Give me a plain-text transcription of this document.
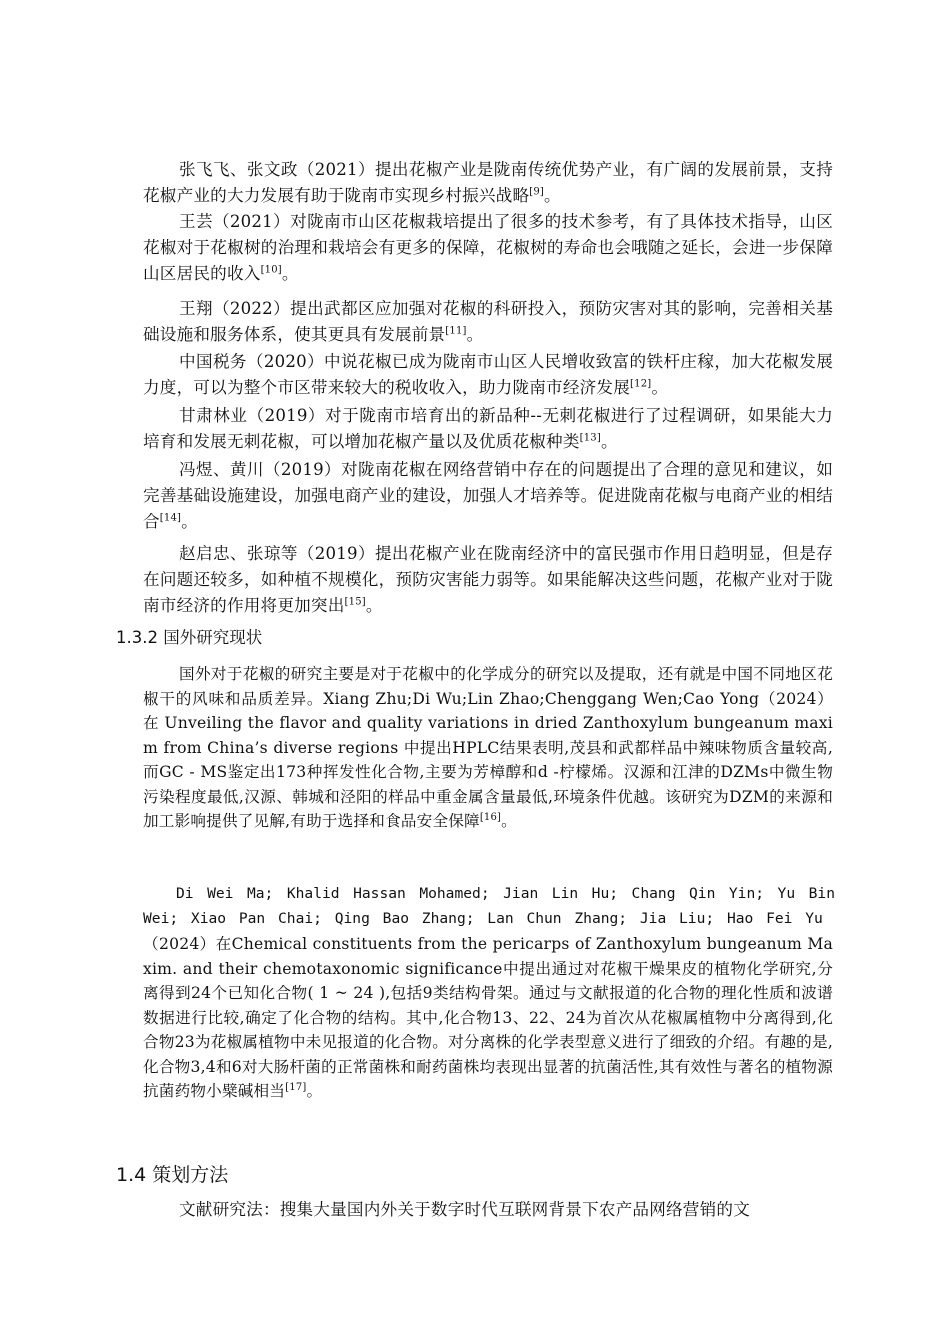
张飞飞、张文政（2021）提出花椒产业是陇南传统优势产业，有广阔的发展前景，支持花椒产业的大力发展有助于陇南市实现乡村振兴战略[9]。

王芸（2021）对陇南市山区花椒栽培提出了很多的技术参考，有了具体技术指导，山区花椒对于花椒树的治理和栽培会有更多的保障，花椒树的寿命也会哦随之延长，会进一步保障山区居民的收入[10]。

王翔（2022）提出武都区应加强对花椒的科研投入，预防灾害对其的影响，完善相关基础设施和服务体系，使其更具有发展前景[11]。

中国税务（2020）中说花椒已成为陇南市山区人民增收致富的铁杆庄稼，加大花椒发展力度，可以为整个市区带来较大的税收收入，助力陇南市经济发展[12]。

甘肃林业（2019）对于陇南市培育出的新品种--无刺花椒进行了过程调研，如果能大力培育和发展无刺花椒，可以增加花椒产量以及优质花椒种类[13]。

冯煜、黄川（2019）对陇南花椒在网络营销中存在的问题提出了合理的意见和建议，如完善基础设施建设，加强电商产业的建设，加强人才培养等。促进陇南花椒与电商产业的相结合[14]。

赵启忠、张琼等（2019）提出花椒产业在陇南经济中的富民强市作用日趋明显，但是存在问题还较多，如种植不规模化，预防灾害能力弱等。如果能解决这些问题，花椒产业对于陇南市经济的作用将更加突出[15]。

1.3.2 国外研究现状

国外对于花椒的研究主要是对于花椒中的化学成分的研究以及提取，还有就是中国不同地区花椒干的风味和品质差异。Xiang Zhu;Di Wu;Lin Zhao;Chenggang Wen;Cao Yong（2024）在 Unveiling the flavor and quality variations in dried Zanthoxylum bungeanum maxim from China’s diverse regions 中提出HPLC结果表明,茂县和武都样品中辣味物质含量较高,而GC - MS鉴定出173种挥发性化合物,主要为芳樟醇和d -柠檬烯。汉源和江津的DZMs中微生物污染程度最低,汉源、韩城和泾阳的样品中重金属含量最低,环境条件优越。该研究为DZM的来源和加工影响提供了见解,有助于选择和食品安全保障[16]。

Di Wei Ma; Khalid Hassan Mohamed; Jian Lin Hu; Chang Qin Yin; Yu Bin Wei; Xiao Pan Chai; Qing Bao Zhang; Lan Chun Zhang; Jia Liu; Hao Fei Yu

（2024）在Chemical constituents from the pericarps of Zanthoxylum bungeanum Maxim. and their chemotaxonomic significance中提出通过对花椒干燥果皮的植物化学研究,分离得到24个已知化合物( 1 ~ 24 ),包括9类结构骨架。通过与文献报道的化合物的理化性质和波谱数据进行比较,确定了化合物的结构。其中,化合物13、22、24为首次从花椒属植物中分离得到,化合物23为花椒属植物中未见报道的化合物。对分离株的化学表型意义进行了细致的介绍。有趣的是,化合物3,4和6对大肠杆菌的正常菌株和耐药菌株均表现出显著的抗菌活性,其有效性与著名的植物源抗菌药物小檗碱相当[17]。

1.4 策划方法

文献研究法：搜集大量国内外关于数字时代互联网背景下农产品网络营销的文
